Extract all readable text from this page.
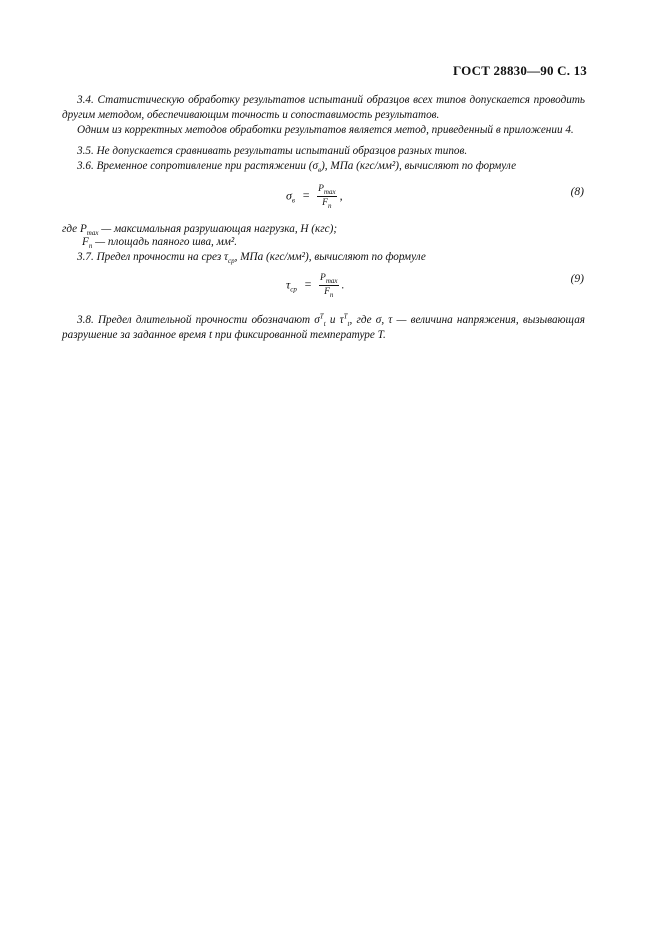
ГОСТ 28830—90 С. 13

3.4. Статистическую обработку результатов испытаний образцов всех типов допускается проводить другим методом, обеспечивающим точность и сопоставимость результатов.

Одним из корректных методов обработки результатов является метод, приведенный в приложении 4.

3.5. Не допускается сравнивать результаты испытаний образцов разных типов.

3.6. Временное сопротивление при растяжении $(\sigma_в)$, МПа (кгс/мм²), вычисляют по формуле

$\sigma_в = \frac{P_{max}}{F_п}$ ,	(8)
где $P_{max}$ — максимальная разрушающая нагрузка, Н (кгс);
$F_п$ — площадь паяного шва, мм².

3.7. Предел прочности на срез $\tau_{ср}$, МПа (кгс/мм²), вычисляют по формуле

$\tau_{ср} = \frac{P_{max}}{F_п}$ .	(9)

3.8. Предел длительной прочности обозначают $\sigma^T_t$ и $\tau^T_t$, где σ, τ — величина напряжения, вызывающая разрушение за заданное время t при фиксированной температуре T.
